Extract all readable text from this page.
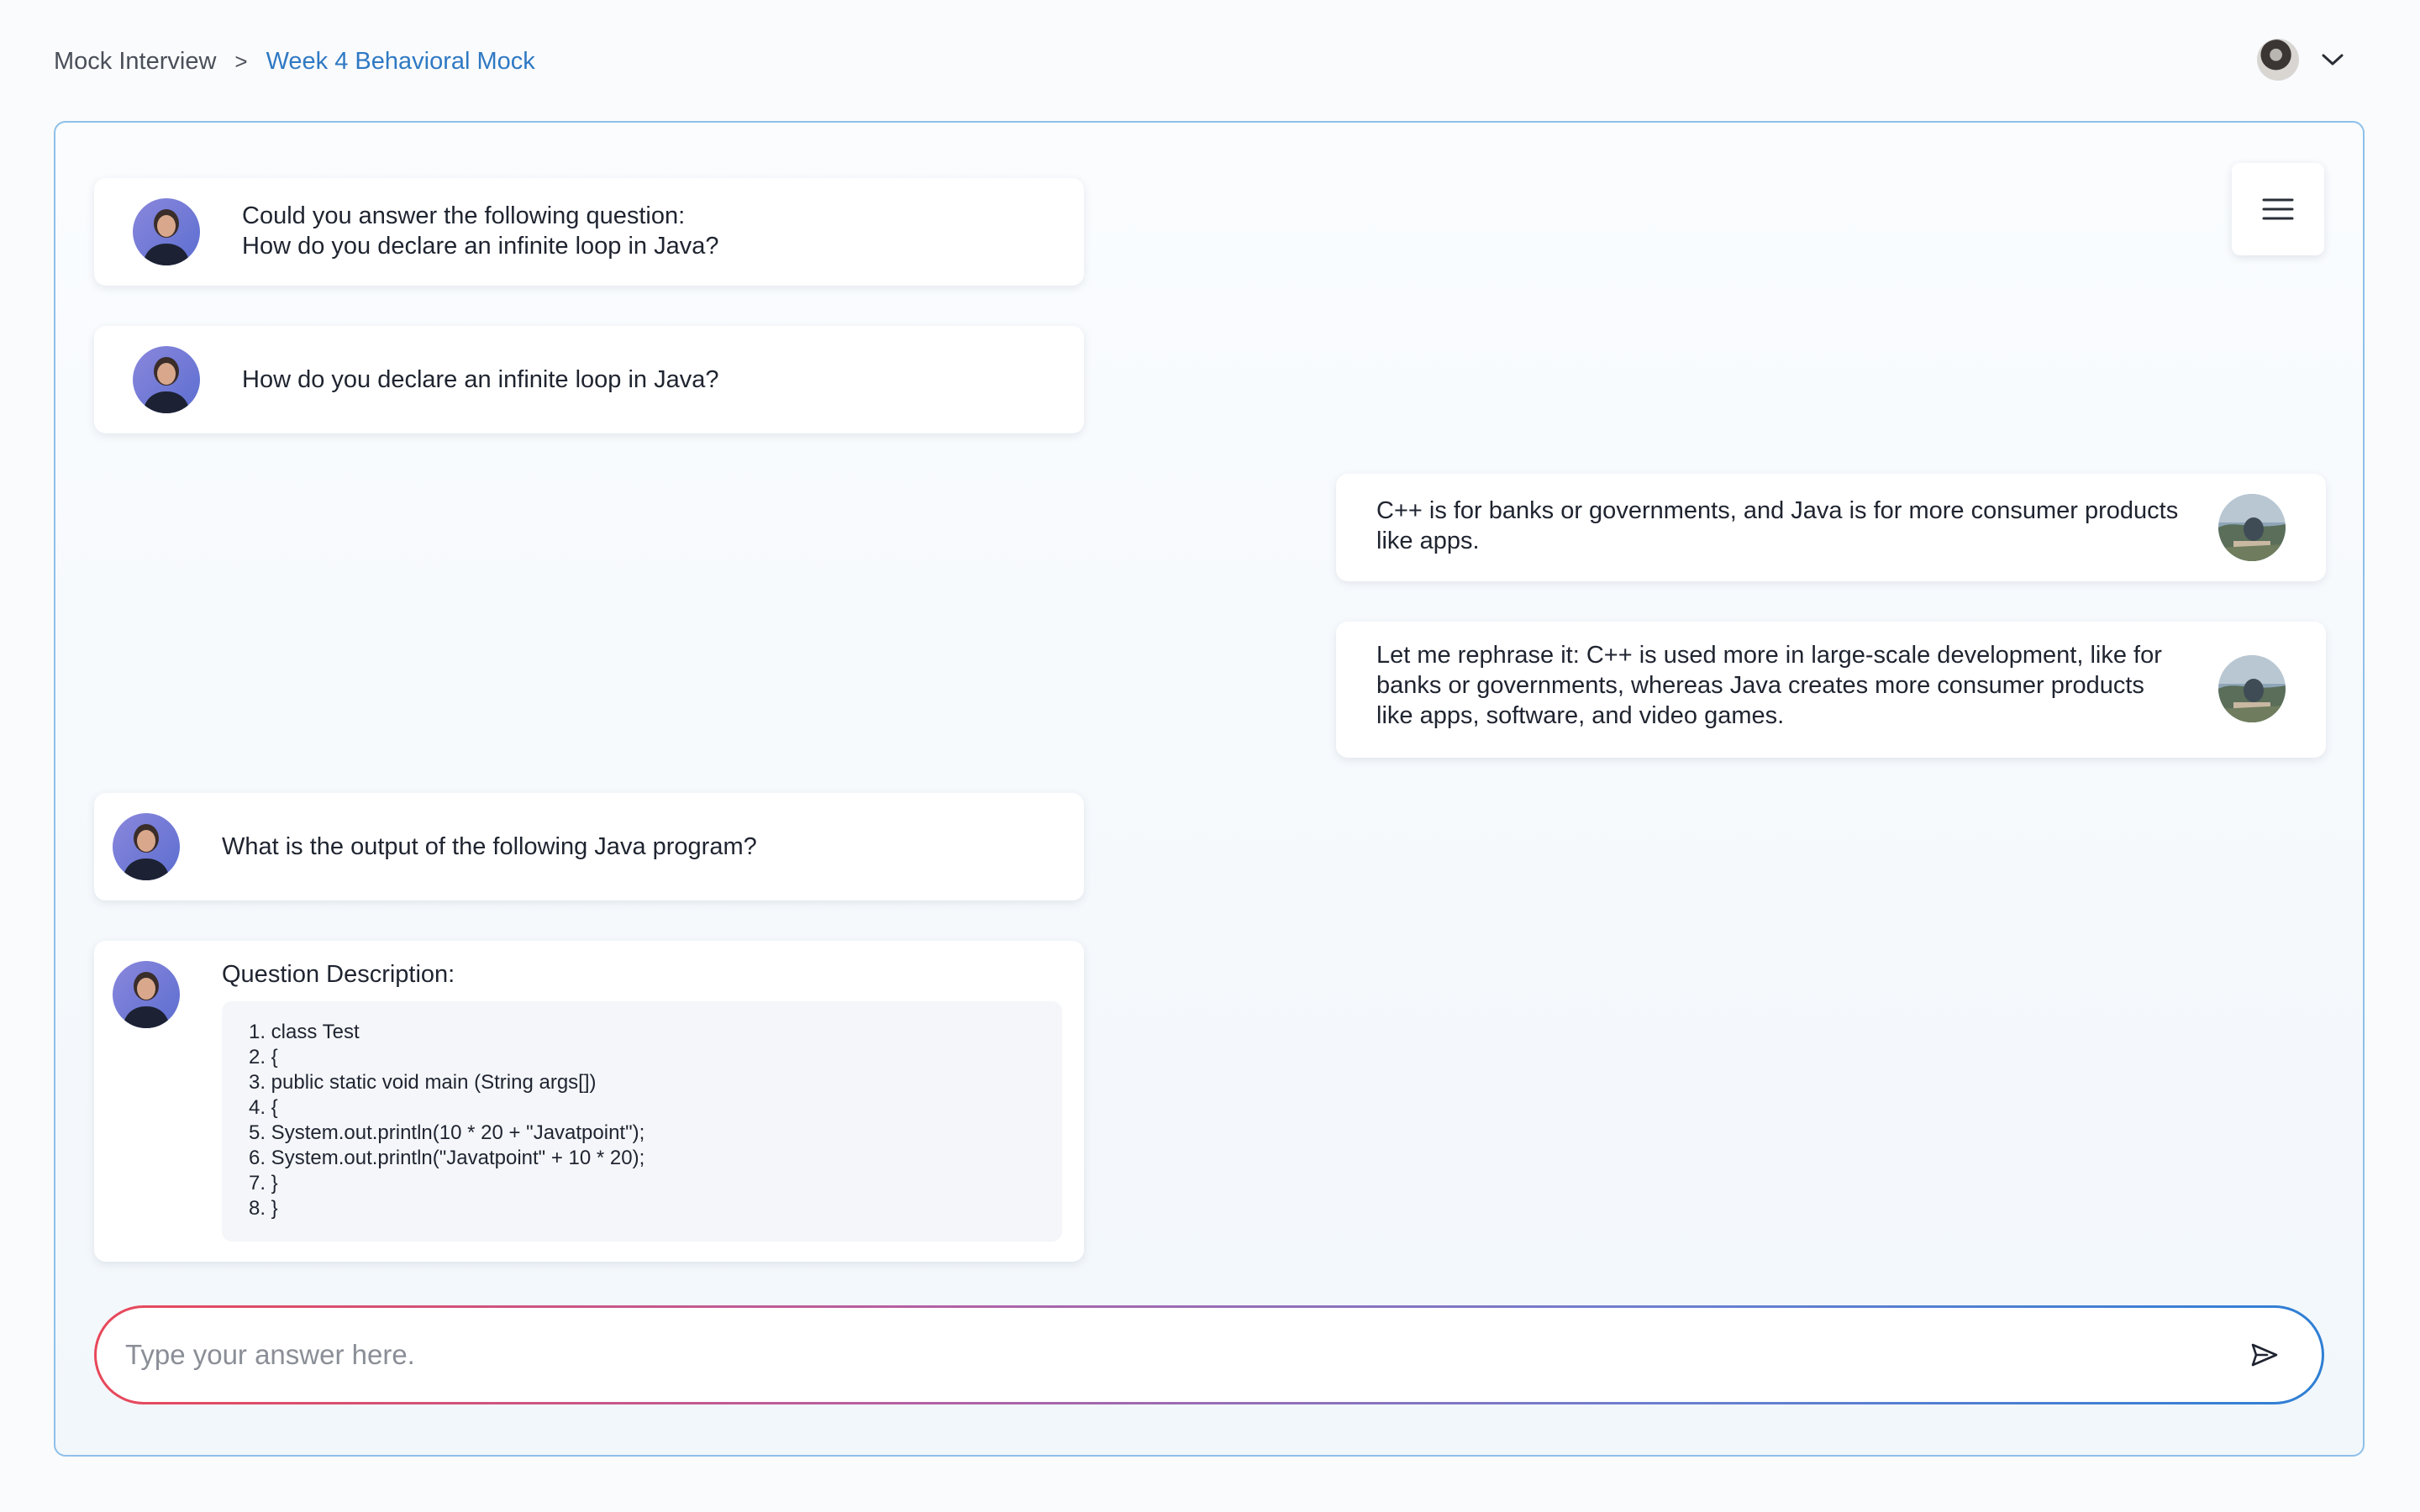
Mock Interview > Week 4 Behavioral Mock
Could you answer the following question:
How do you declare an infinite loop in Java?
How do you declare an infinite loop in Java?
C++ is for banks or governments, and Java is for more consumer products
like apps.
Let me rephrase it: C++ is used more in large-scale development, like for
banks or governments, whereas Java creates more consumer products
like apps, software, and video games.
What is the output of the following Java program?
Question Description:
1. class Test
2. {
3. public static void main (String args[])
4. {
5. System.out.println(10 * 20 + "Javatpoint");
6. System.out.println("Javatpoint" + 10 * 20);
7. }
8. }
Type your answer here.
